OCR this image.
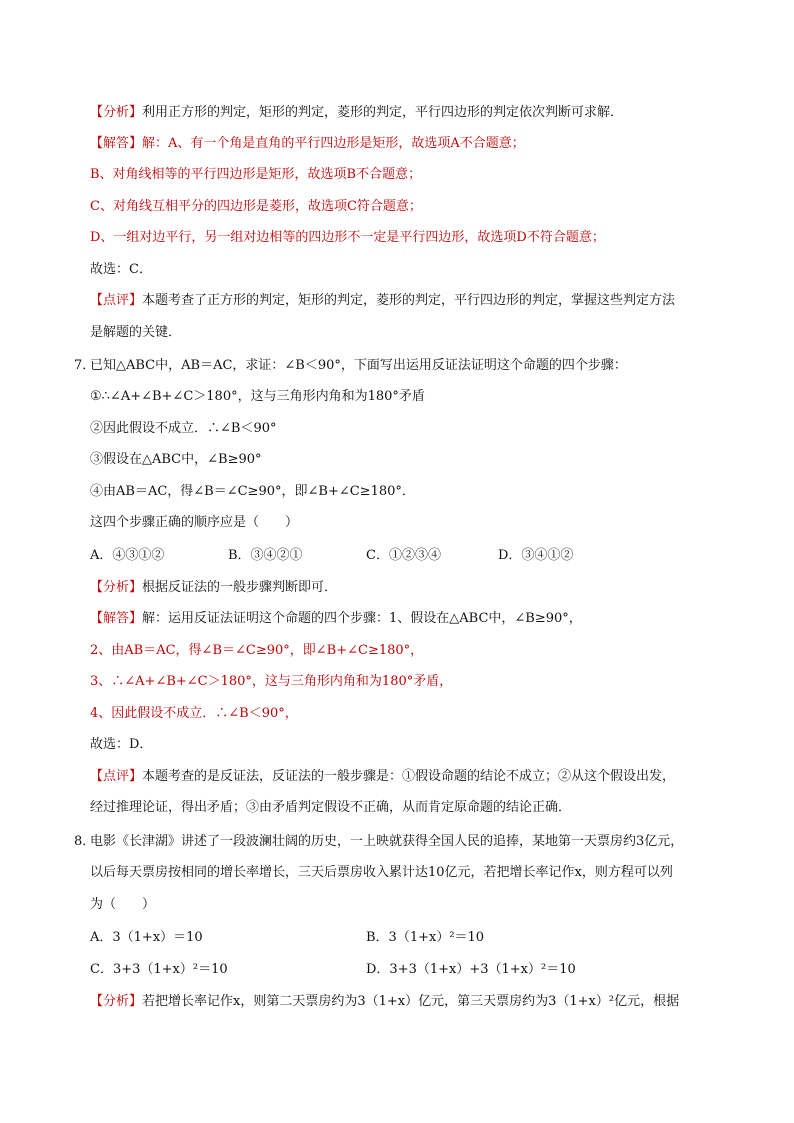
【分析】利用正方形的判定，矩形的判定，菱形的判定，平行四边形的判定依次判断可求解．
【解答】解：A、有一个角是直角的平行四边形是矩形，故选项A不合题意；
B、对角线相等的平行四边形是矩形，故选项B不合题意；
C、对角线互相平分的四边形是菱形，故选项C符合题意；
D、一组对边平行，另一组对边相等的四边形不一定是平行四边形，故选项D不符合题意；
故选：C．
【点评】本题考查了正方形的判定，矩形的判定，菱形的判定，平行四边形的判定，掌握这些判定方法
是解题的关键．
7．
已知△ABC中，AB＝AC，求证：∠B＜90°，下面写出运用反证法证明这个命题的四个步骤：
①∴∠A+∠B+∠C＞180°，这与三角形内角和为180°矛盾
②因此假设不成立．∴∠B＜90°
③假设在△ABC中，∠B≥90°
④由AB＝AC，得∠B＝∠C≥90°，即∠B+∠C≥180°．
这四个步骤正确的顺序应是（　　）
A．④③①②	B．③④②①	C．①②③④	D．③④①②
【分析】根据反证法的一般步骤判断即可．
【解答】解：运用反证法证明这个命题的四个步骤：1、假设在△ABC中，∠B≥90°，
2、由AB＝AC，得∠B＝∠C≥90°，即∠B+∠C≥180°，
3、∴∠A+∠B+∠C＞180°，这与三角形内角和为180°矛盾，
4、因此假设不成立．∴∠B＜90°，
故选：D．
【点评】本题考查的是反证法，反证法的一般步骤是：①假设命题的结论不成立；②从这个假设出发，
经过推理论证，得出矛盾；③由矛盾判定假设不正确，从而肯定原命题的结论正确．
8．
电影《长津湖》讲述了一段波澜壮阔的历史，一上映就获得全国人民的追捧，某地第一天票房约3亿元，
以后每天票房按相同的增长率增长，三天后票房收入累计达10亿元，若把增长率记作x，则方程可以列
为（　　）
A．3（1+x）＝10	B．3（1+x）²＝10
C．3+3（1+x）²＝10	D．3+3（1+x）+3（1+x）²＝10
【分析】若把增长率记作x，则第二天票房约为3（1+x）亿元，第三天票房约为3（1+x）²亿元，根据
